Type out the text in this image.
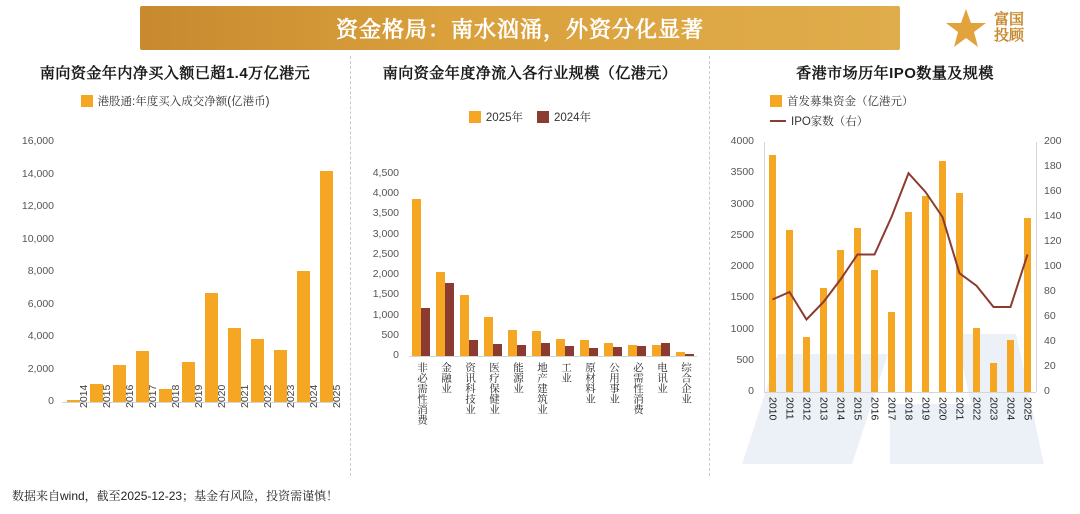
资金格局：南水汹涌，外资分化显著	富国
投顾
南向资金年内净买入额已超1.4万亿港元
港股通:年度买入成交净额(亿港币)
0
2,000
4,000
6,000
8,000
10,000
12,000
14,000
16,000
2014 2015 2016 2017 2018 2019 2020 2021 2022 2023 2024 2025
南向资金年度净流入各行业规模（亿港元）
2025年	2024年
0
500
1,000
1,500
2,000
2,500
3,000
3,500
4,000
4,500
非必需性消费 金融业 资讯科技业 医疗保健业 能源业 地产建筑业 工业 原材料业 公用事业 必需性消费 电讯业 综合企业
香港市场历年IPO数量及规模
首发募集资金（亿港元）
IPO家数（右）
0
500
1000
1500
2000
2500
3000
3500
4000
0
20
40
60
80
100
120
140
160
180
200
2010 2011 2012 2013 2014 2015 2016 2017 2018 2019 2020 2021 2022 2023 2024 2025
数据来自wind，截至2025-12-23；基金有风险，投资需谨慎！
